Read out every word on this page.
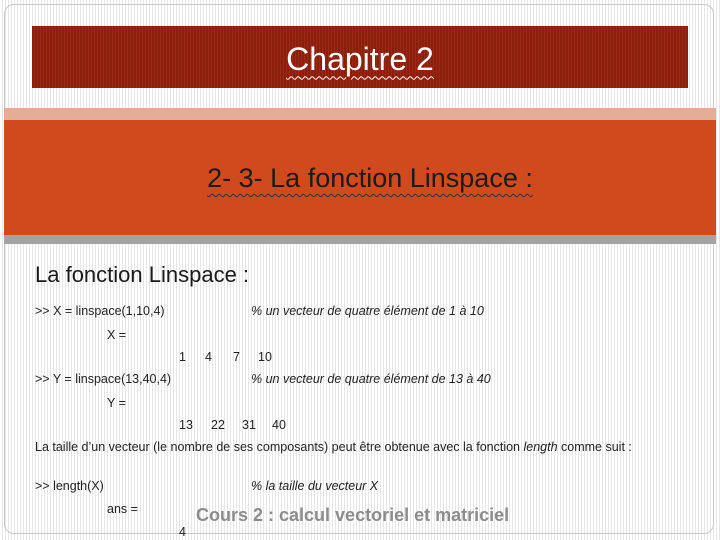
Chapitre 2
2- 3- La fonction Linspace :
La fonction Linspace :
>> X = linspace(1,10,4)	% un vecteur de quatre élément de 1 à 10
X =
1 4 7 10
>> Y = linspace(13,40,4)	% un vecteur de quatre élément de 13 à 40
Y =
13 22 31 40
La taille d’un vecteur (le nombre de ses composants) peut être obtenue avec la fonction length comme suit :
>> length(X)	% la taille du vecteur X
ans =
4
Cours 2 : calcul vectoriel et matriciel
